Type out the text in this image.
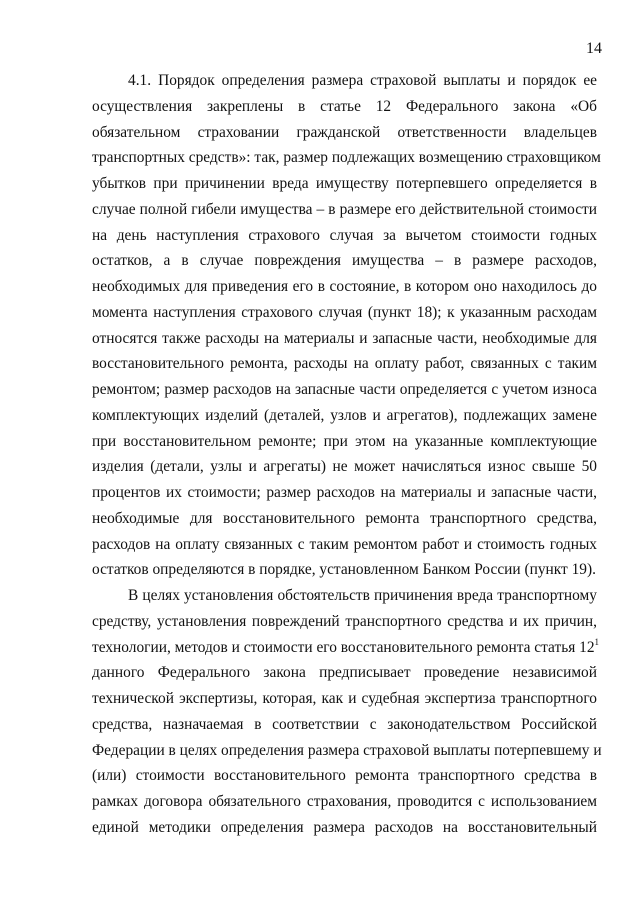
14

4.1. Порядок определения размера страховой выплаты и порядок ее
осуществления закреплены в статье 12 Федерального закона «Об
обязательном страховании гражданской ответственности владельцев
транспортных средств»: так, размер подлежащих возмещению страховщиком
убытков при причинении вреда имуществу потерпевшего определяется в
случае полной гибели имущества – в размере его действительной стоимости
на день наступления страхового случая за вычетом стоимости годных
остатков, а в случае повреждения имущества – в размере расходов,
необходимых для приведения его в состояние, в котором оно находилось до
момента наступления страхового случая (пункт 18); к указанным расходам
относятся также расходы на материалы и запасные части, необходимые для
восстановительного ремонта, расходы на оплату работ, связанных с таким
ремонтом; размер расходов на запасные части определяется с учетом износа
комплектующих изделий (деталей, узлов и агрегатов), подлежащих замене
при восстановительном ремонте; при этом на указанные комплектующие
изделия (детали, узлы и агрегаты) не может начисляться износ свыше 50
процентов их стоимости; размер расходов на материалы и запасные части,
необходимые для восстановительного ремонта транспортного средства,
расходов на оплату связанных с таким ремонтом работ и стоимость годных
остатков определяются в порядке, установленном Банком России (пункт 19).

В целях установления обстоятельств причинения вреда транспортному
средству, установления повреждений транспортного средства и их причин,
технологии, методов и стоимости его восстановительного ремонта статья 12$^1$
данного Федерального закона предписывает проведение независимой
технической экспертизы, которая, как и судебная экспертиза транспортного
средства, назначаемая в соответствии с законодательством Российской
Федерации в целях определения размера страховой выплаты потерпевшему и
(или) стоимости восстановительного ремонта транспортного средства в
рамках договора обязательного страхования, проводится с использованием
единой методики определения размера расходов на восстановительный
